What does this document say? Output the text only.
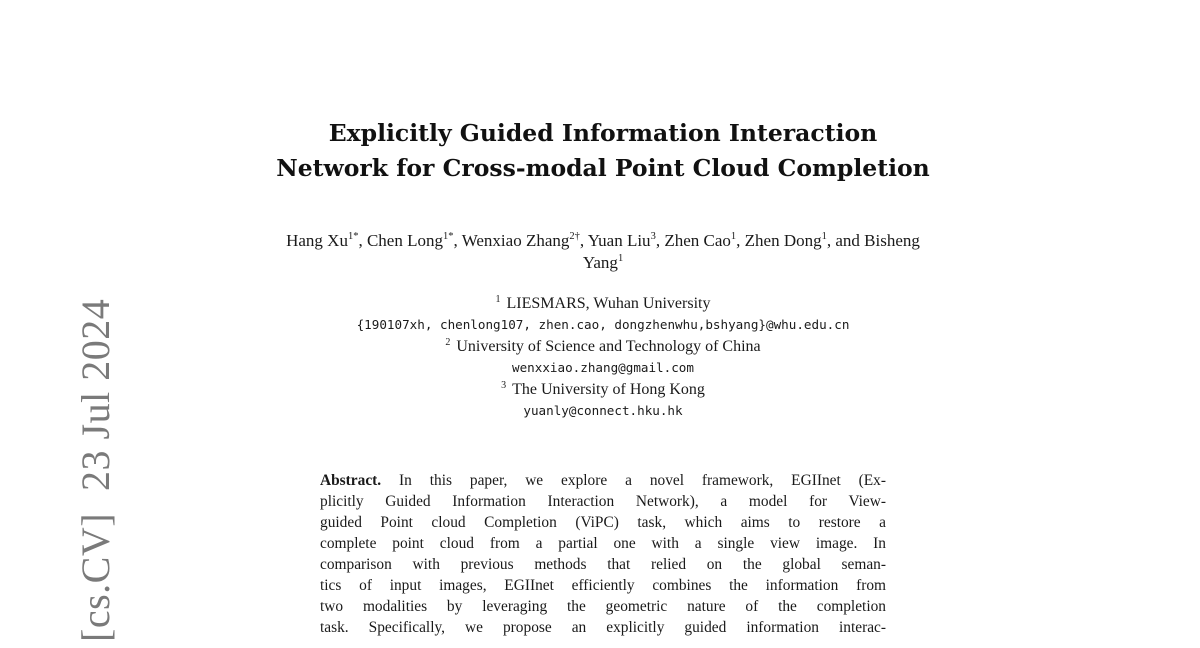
[cs.CV]23 Jul 2024
Explicitly Guided Information Interaction
Network for Cross-modal Point Cloud Completion
Hang $Xu^{1*}$, Chen Long$^{1*}$, Wenxiao Zhang$^{2\dagger}$, Yuan Liu$^3$, Zhen Cao$^1$, Zhen Dong$^1$, and Bisheng Yang$^1$
$^1$ LIESMARS, Wuhan University
{190107xh, chenlong107, zhen.cao, dongzhenwhu,bshyang}@whu.edu.cn
$^2$ University of Science and Technology of China
wenxxiao.zhang@gmail.com
$^3$ The University of Hong Kong
yuanly@connect.hku.hk
Abstract. In this paper, we explore a novel framework, EGIInet (Ex-
plicitly Guided Information Interaction Network), a model for View-
guided Point cloud Completion (ViPC) task, which aims to restore a
complete point cloud from a partial one with a single view image. In
comparison with previous methods that relied on the global seman-
tics of input images, EGIInet efficiently combines the information from
two modalities by leveraging the geometric nature of the completion
task. Specifically, we propose an explicitly guided information interac-
